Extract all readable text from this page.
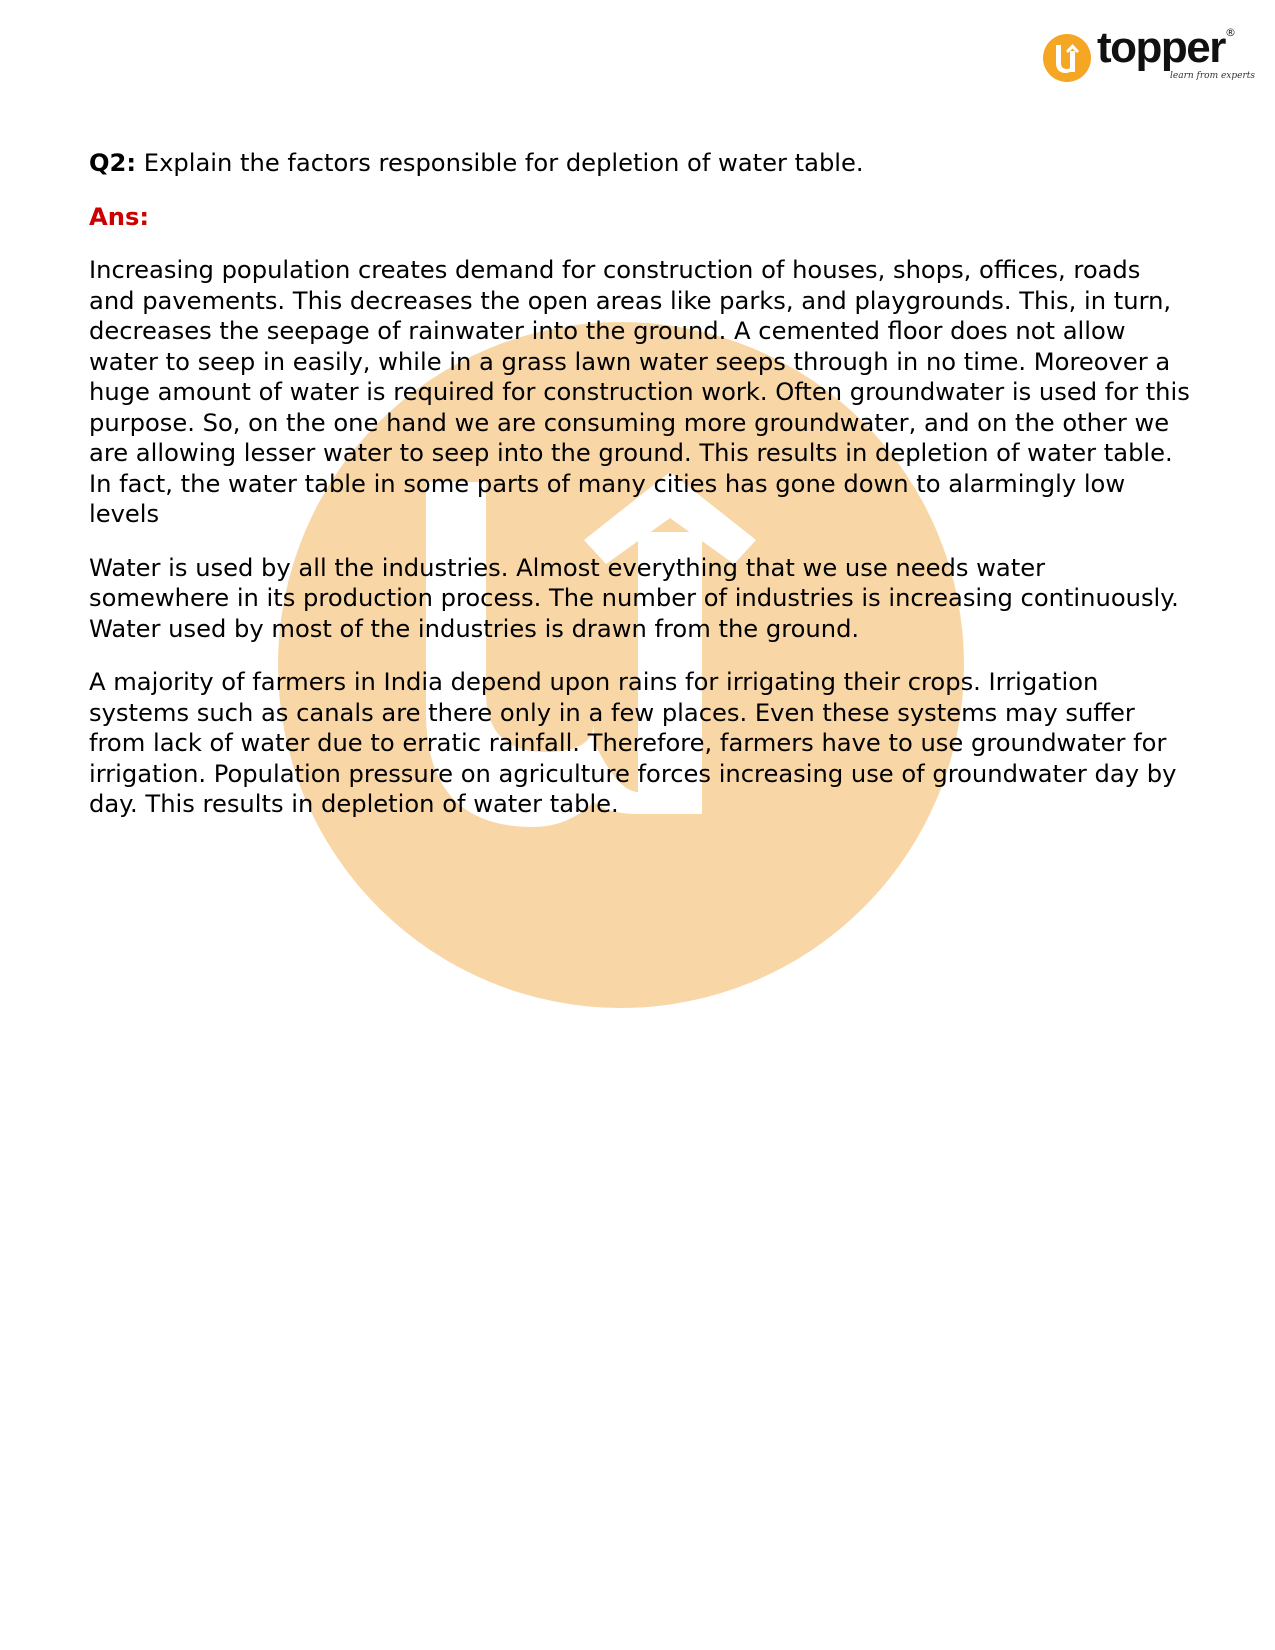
topper ®
learn from experts
Q2: Explain the factors responsible for depletion of water table.
Ans:
Increasing population creates demand for construction of houses, shops, offices, roads and pavements. This decreases the open areas like parks, and playgrounds. This, in turn, decreases the seepage of rainwater into the ground. A cemented floor does not allow water to seep in easily, while in a grass lawn water seeps through in no time. Moreover a huge amount of water is required for construction work. Often groundwater is used for this purpose. So, on the one hand we are consuming more groundwater, and on the other we are allowing lesser water to seep into the ground. This results in depletion of water table. In fact, the water table in some parts of many cities has gone down to alarmingly low levels
Water is used by all the industries. Almost everything that we use needs water somewhere in its production process. The number of industries is increasing continuously. Water used by most of the industries is drawn from the ground.
A majority of farmers in India depend upon rains for irrigating their crops. Irrigation systems such as canals are there only in a few places. Even these systems may suffer from lack of water due to erratic rainfall. Therefore, farmers have to use groundwater for irrigation. Population pressure on agriculture forces increasing use of groundwater day by day. This results in depletion of water table.
